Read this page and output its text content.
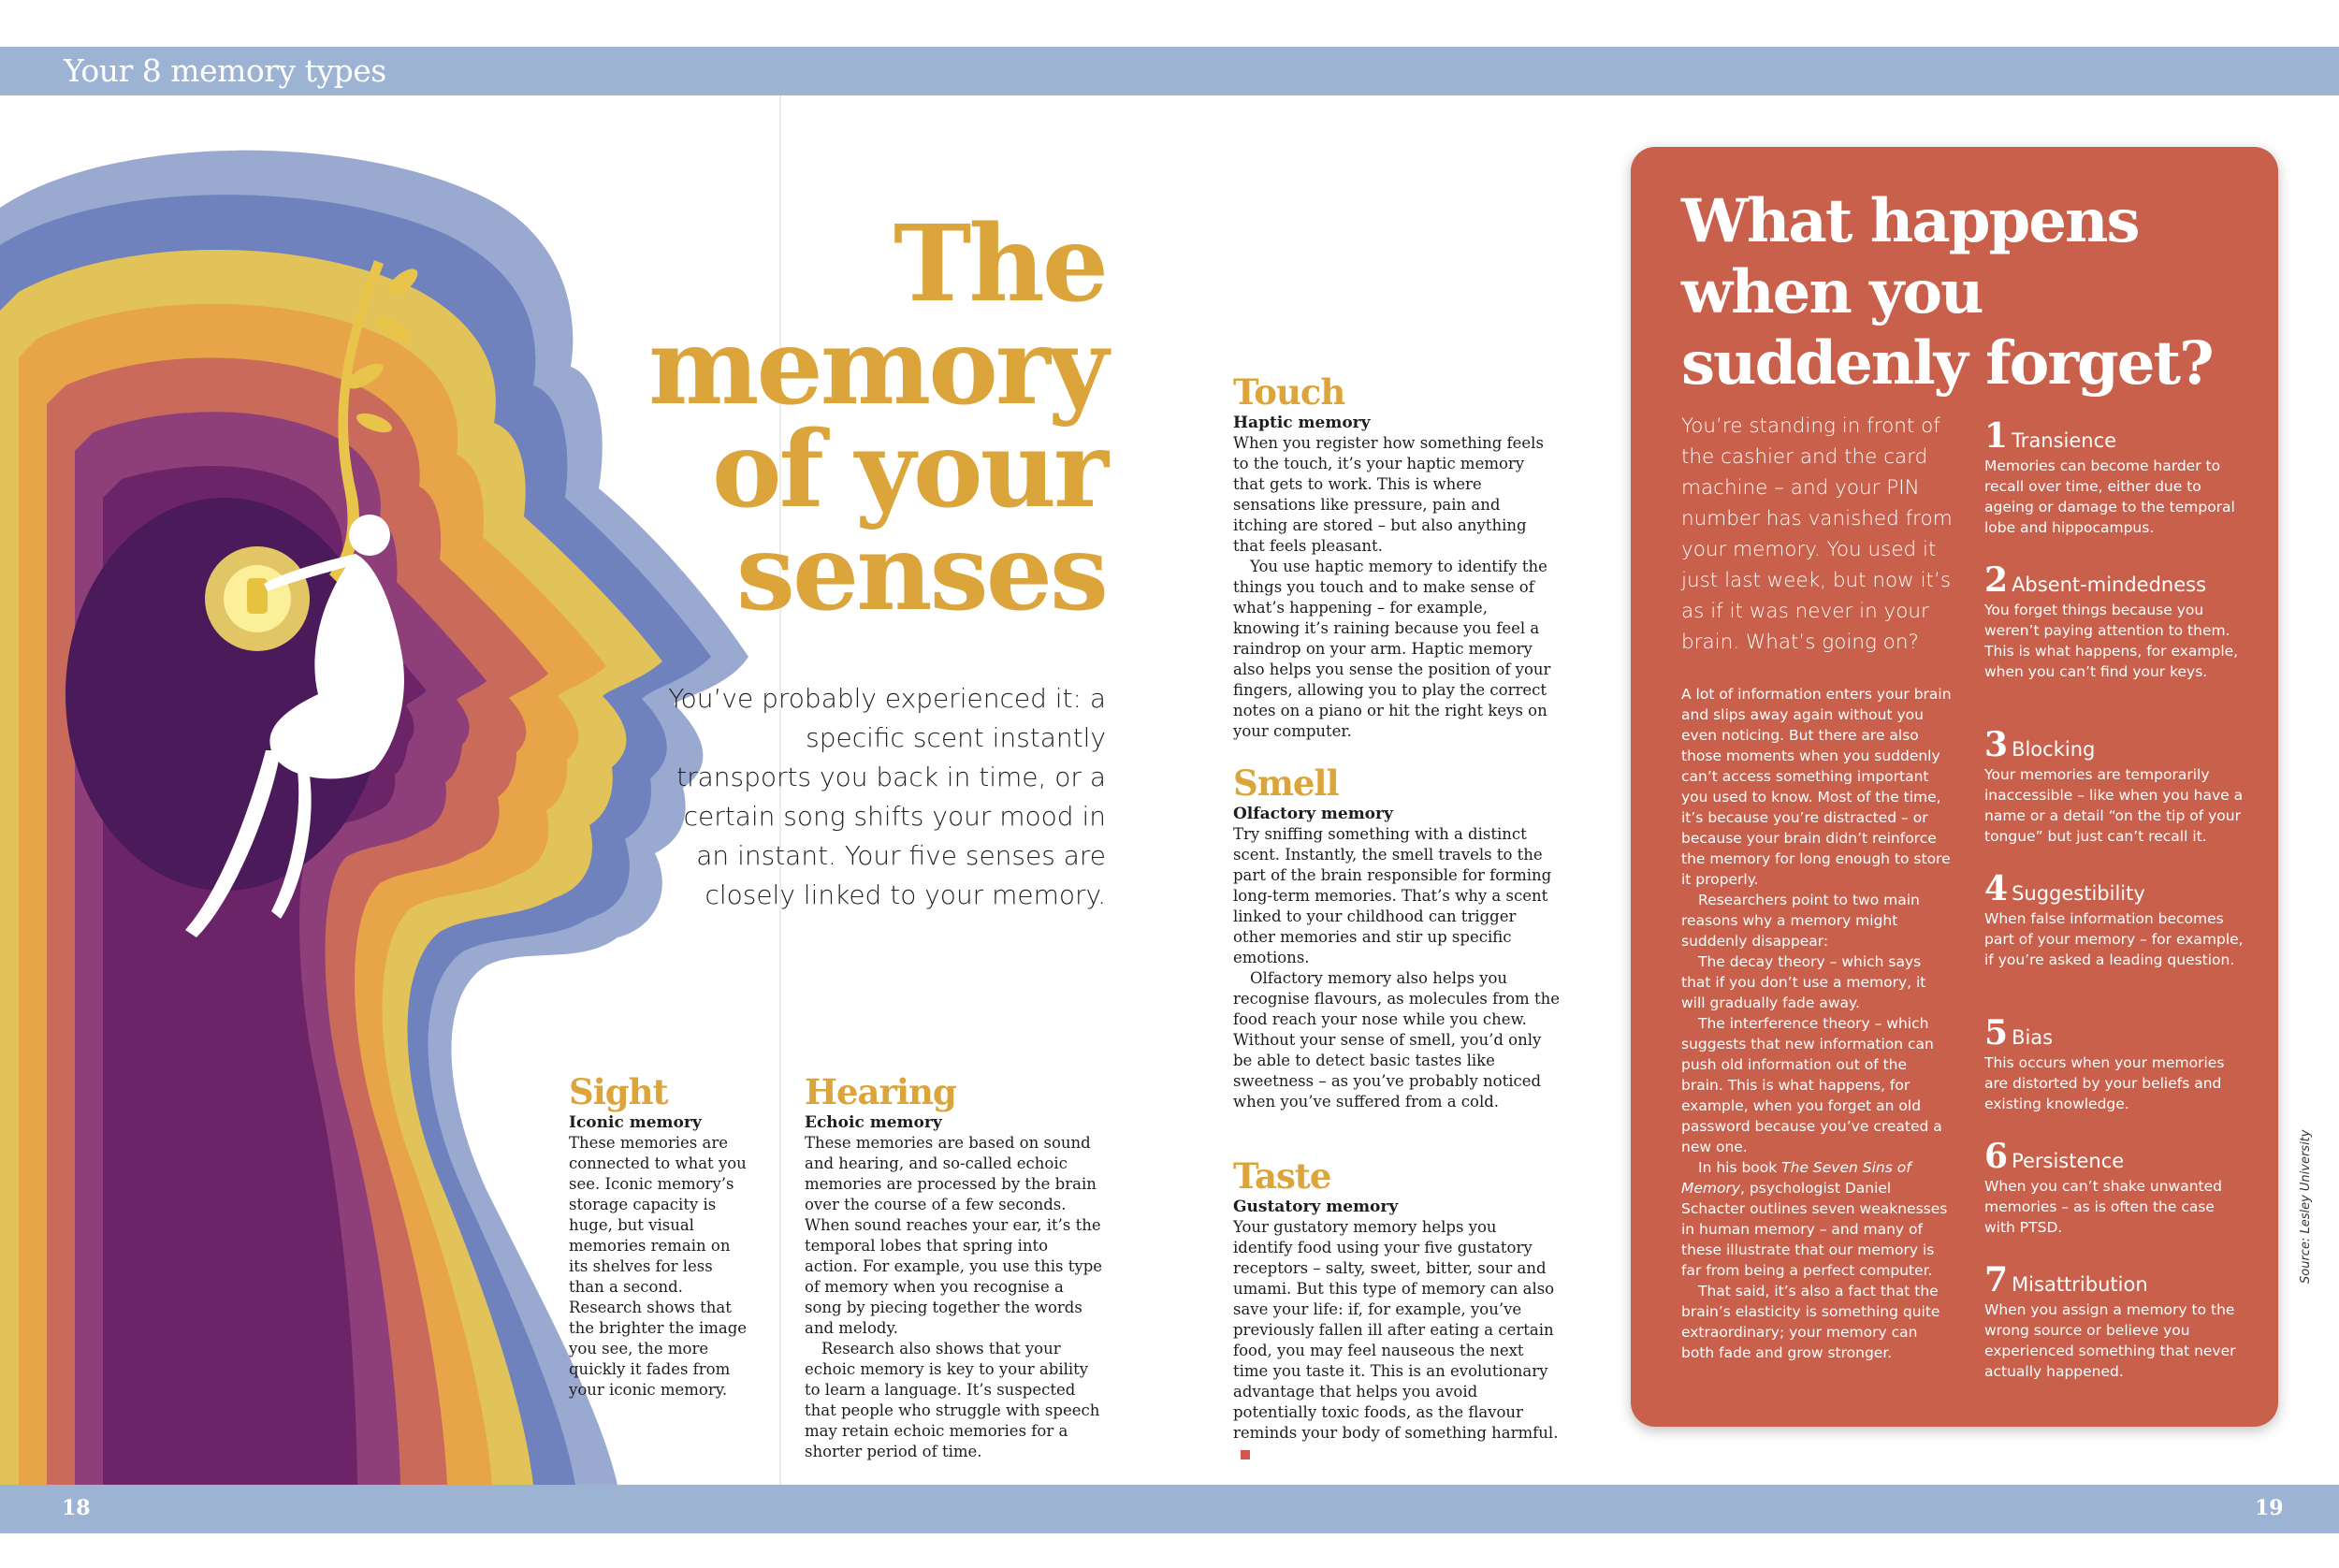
Your 8 memory types
The
memory
of your
senses
You’ve probably experienced it: a specific scent instantly transports you back in time, or a certain song shifts your mood in an instant. Your five senses are closely linked to your memory.
Sight
Iconic memory

These memories are connected to what you see. Iconic memory’s storage capacity is huge, but visual memories remain on its shelves for less than a second. Research shows that the brighter the image you see, the more quickly it fades from your iconic memory.

Hearing
Echoic memory

These memories are based on sound and hearing, and so-called echoic memories are processed by the brain over the course of a few seconds. When sound reaches your ear, it’s the temporal lobes that spring into action. For example, you use this type of memory when you recognise a song by piecing together the words and melody.

Research also shows that your echoic memory is key to your ability to learn a language. It’s suspected that people who struggle with speech may retain echoic memories for a shorter period of time.

Touch
Haptic memory

When you register how something feels to the touch, it’s your haptic memory that gets to work. This is where sensations like pressure, pain and itching are stored – but also anything that feels pleasant.

You use haptic memory to identify the things you touch and to make sense of what’s happening – for example, knowing it’s raining because you feel a raindrop on your arm. Haptic memory also helps you sense the position of your fingers, allowing you to play the correct notes on a piano or hit the right keys on your computer.

Smell
Olfactory memory

Try sniffing something with a distinct scent. Instantly, the smell travels to the part of the brain responsible for forming long-term memories. That’s why a scent linked to your childhood can trigger other memories and stir up specific emotions.

Olfactory memory also helps you recognise flavours, as molecules from the food reach your nose while you chew. Without your sense of smell, you’d only be able to detect basic tastes like sweetness – as you’ve probably noticed when you’ve suffered from a cold.

Taste
Gustatory memory

Your gustatory memory helps you identify food using your five gustatory receptors – salty, sweet, bitter, sour and umami. But this type of memory can also save your life: if, for example, you’ve previously fallen ill after eating a certain food, you may feel nauseous the next time you taste it. This is an evolutionary advantage that helps you avoid potentially toxic foods, as the flavour reminds your body of something harmful.

What happens when you suddenly forget?
You’re standing in front of the cashier and the card machine – and your PIN number has vanished from your memory. You used it just last week, but now it’s as if it was never in your brain. What’s going on?

A lot of information enters your brain and slips away again without you even noticing. But there are also those moments when you suddenly can’t access something important you used to know. Most of the time, it’s because you’re distracted – or because your brain didn’t reinforce the memory for long enough to store it properly.

Researchers point to two main reasons why a memory might suddenly disappear:

The decay theory – which says that if you don’t use a memory, it will gradually fade away.

The interference theory – which suggests that new information can push old information out of the brain. This is what happens, for example, when you forget an old password because you’ve created a new one.

In his book The Seven Sins of Memory, psychologist Daniel Schacter outlines seven weaknesses in human memory – and many of these illustrate that our memory is far from being a perfect computer.

That said, it’s also a fact that the brain’s elasticity is something quite extraordinary; your memory can both fade and grow stronger.

1 Transience

Memories can become harder to recall over time, either due to ageing or damage to the temporal lobe and hippocampus.

2 Absent-mindedness

You forget things because you weren’t paying attention to them. This is what happens, for example, when you can’t find your keys.

3 Blocking

Your memories are temporarily inaccessible – like when you have a name or a detail “on the tip of your tongue” but just can’t recall it.

4 Suggestibility

When false information becomes part of your memory – for example, if you’re asked a leading question.

5 Bias

This occurs when your memories are distorted by your beliefs and existing knowledge.

6 Persistence

When you can’t shake unwanted memories – as is often the case with PTSD.

7 Misattribution

When you assign a memory to the wrong source or believe you experienced something that never actually happened.

Source: Lesley University
18	19
